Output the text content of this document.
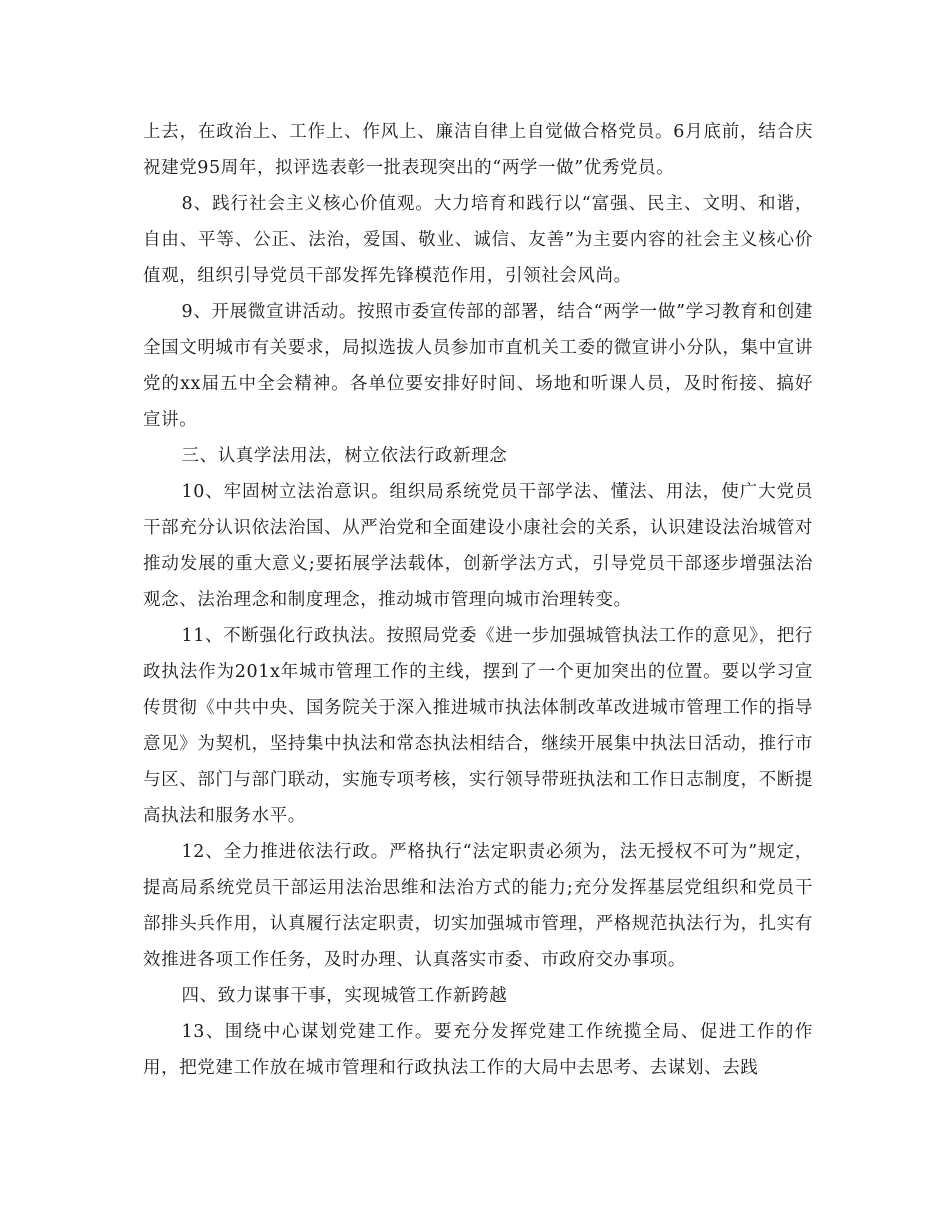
上去，在政治上、工作上、作风上、廉洁自律上自觉做合格党员。6月底前，结合庆祝建党95周年，拟评选表彰一批表现突出的“两学一做”优秀党员。

8、践行社会主义核心价值观。大力培育和践行以“富强、民主、文明、和谐，自由、平等、公正、法治，爱国、敬业、诚信、友善”为主要内容的社会主义核心价值观，组织引导党员干部发挥先锋模范作用，引领社会风尚。

9、开展微宣讲活动。按照市委宣传部的部署，结合“两学一做”学习教育和创建全国文明城市有关要求，局拟选拔人员参加市直机关工委的微宣讲小分队，集中宣讲党的xx届五中全会精神。各单位要安排好时间、场地和听课人员，及时衔接、搞好宣讲。

三、认真学法用法，树立依法行政新理念

10、牢固树立法治意识。组织局系统党员干部学法、懂法、用法，使广大党员干部充分认识依法治国、从严治党和全面建设小康社会的关系，认识建设法治城管对推动发展的重大意义;要拓展学法载体，创新学法方式，引导党员干部逐步增强法治观念、法治理念和制度理念，推动城市管理向城市治理转变。

11、不断强化行政执法。按照局党委《进一步加强城管执法工作的意见》，把行政执法作为201x年城市管理工作的主线，摆到了一个更加突出的位置。要以学习宣传贯彻《中共中央、国务院关于深入推进城市执法体制改革改进城市管理工作的指导意见》为契机，坚持集中执法和常态执法相结合，继续开展集中执法日活动，推行市与区、部门与部门联动，实施专项考核，实行领导带班执法和工作日志制度，不断提高执法和服务水平。

12、全力推进依法行政。严格执行“法定职责必须为，法无授权不可为”规定，提高局系统党员干部运用法治思维和法治方式的能力;充分发挥基层党组织和党员干部排头兵作用，认真履行法定职责，切实加强城市管理，严格规范执法行为，扎实有效推进各项工作任务，及时办理、认真落实市委、市政府交办事项。

四、致力谋事干事，实现城管工作新跨越

13、围绕中心谋划党建工作。要充分发挥党建工作统揽全局、促进工作的作用，把党建工作放在城市管理和行政执法工作的大局中去思考、去谋划、去践
